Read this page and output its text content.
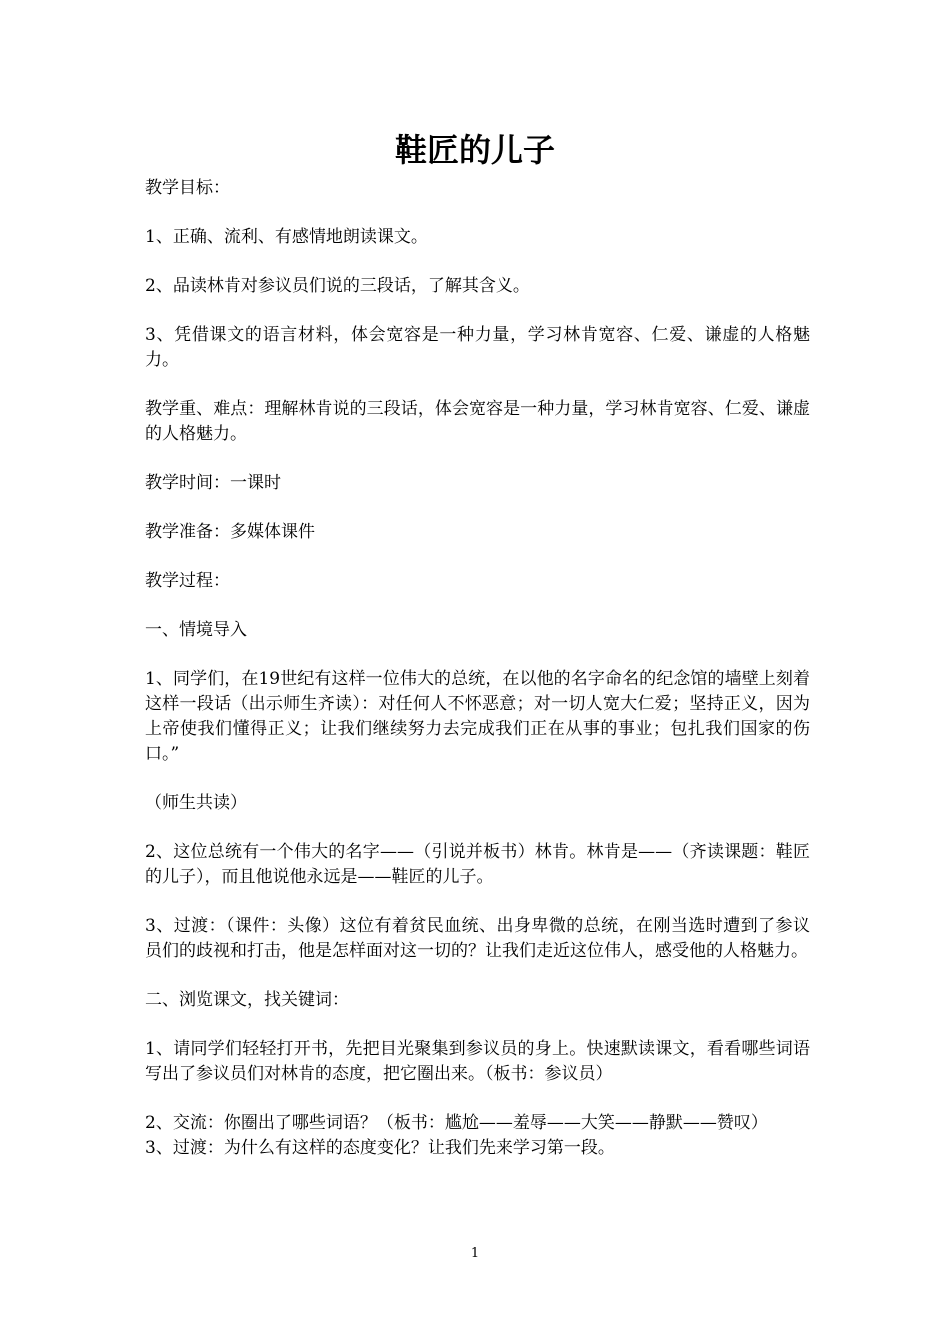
鞋匠的儿子

教学目标：

1、正确、流利、有感情地朗读课文。

2、品读林肯对参议员们说的三段话，了解其含义。

3、凭借课文的语言材料，体会宽容是一种力量，学习林肯宽容、仁爱、谦虚的人格魅力。

教学重、难点：理解林肯说的三段话，体会宽容是一种力量，学习林肯宽容、仁爱、谦虚的人格魅力。

教学时间：一课时

教学准备：多媒体课件

教学过程：

一、情境导入

1、同学们，在19世纪有这样一位伟大的总统，在以他的名字命名的纪念馆的墙壁上刻着这样一段话（出示师生齐读）：对任何人不怀恶意；对一切人宽大仁爱；坚持正义，因为上帝使我们懂得正义；让我们继续努力去完成我们正在从事的事业；包扎我们国家的伤口。”

（师生共读）

2、这位总统有一个伟大的名字——（引说并板书）林肯。林肯是——（齐读课题：鞋匠的儿子），而且他说他永远是——鞋匠的儿子。

3、过渡：（课件：头像）这位有着贫民血统、出身卑微的总统，在刚当选时遭到了参议员们的歧视和打击，他是怎样面对这一切的？让我们走近这位伟人，感受他的人格魅力。

二、浏览课文，找关键词：

1、请同学们轻轻打开书，先把目光聚集到参议员的身上。快速默读课文，看看哪些词语写出了参议员们对林肯的态度，把它圈出来。（板书：参议员）

2、交流：你圈出了哪些词语？（板书：尴尬——羞辱——大笑——静默——赞叹）

3、过渡：为什么有这样的态度变化？让我们先来学习第一段。

1
